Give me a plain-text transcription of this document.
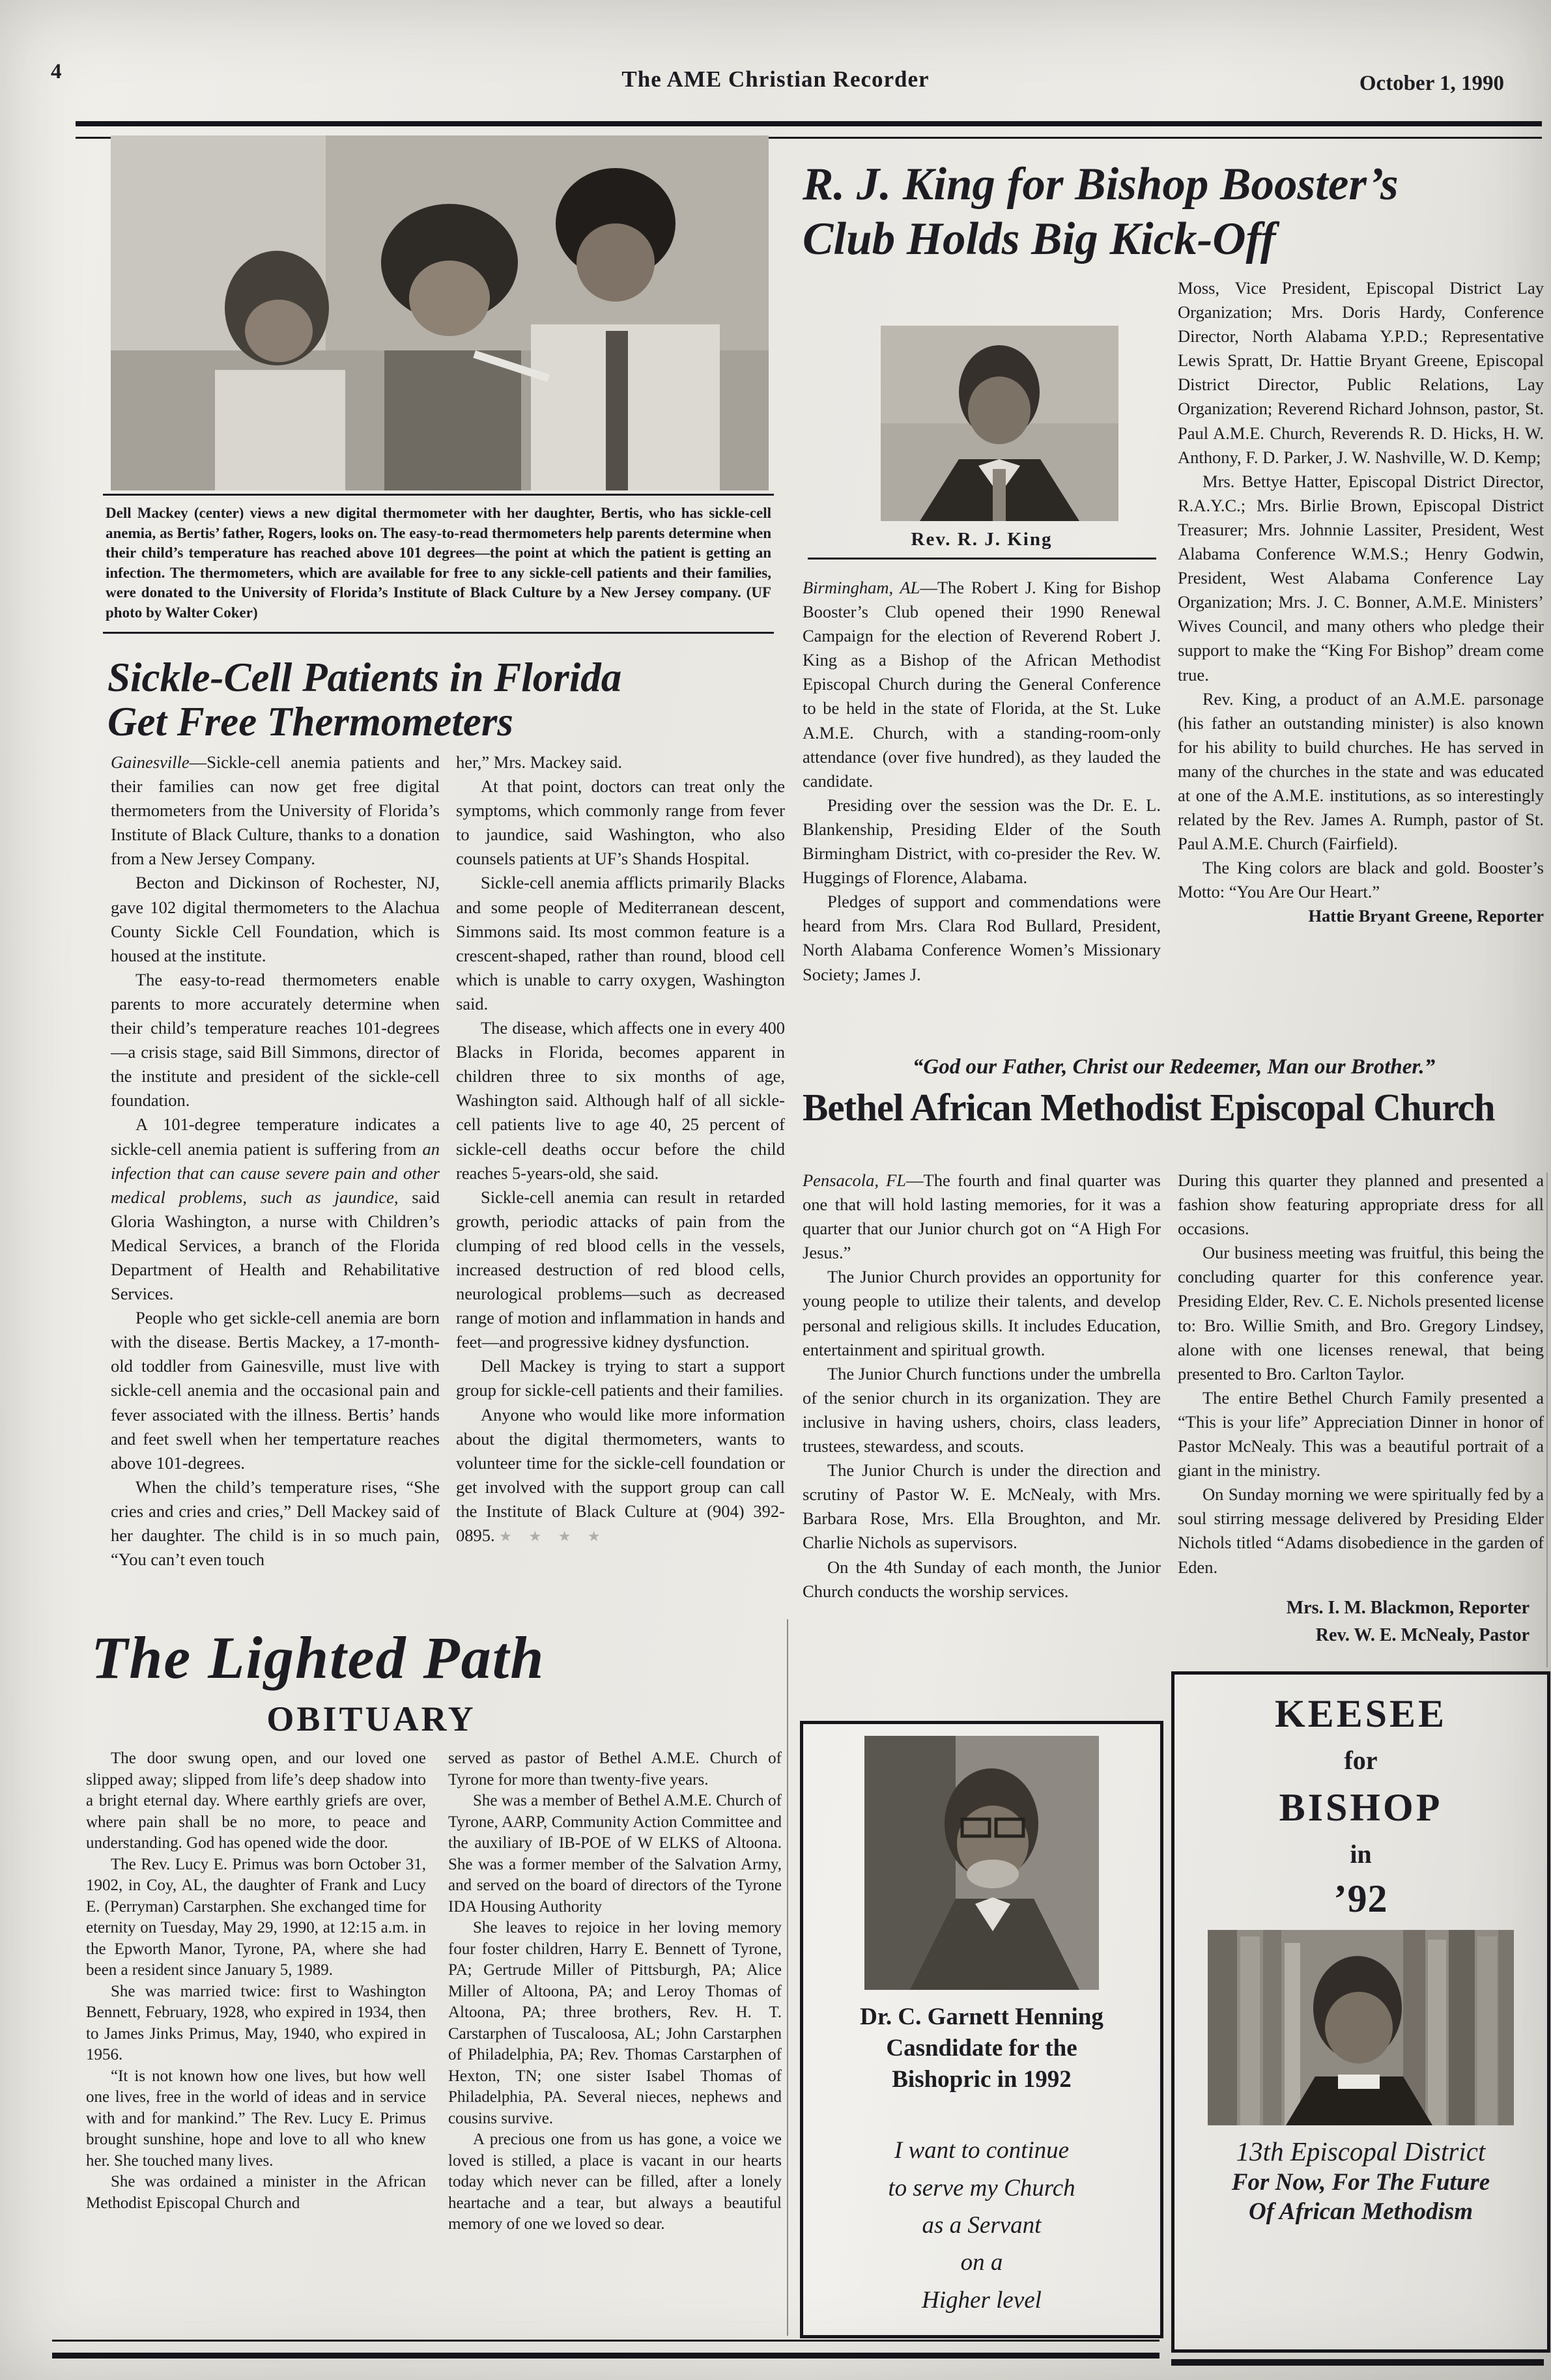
4	The AME Christian Recorder	October 1, 1990
Dell Mackey (center) views a new digital thermometer with her daughter, Bertis, who has sickle-cell anemia, as Bertis’ father, Rogers, looks on. The easy-to-read thermometers help parents determine when their child’s temperature has reached above 101 degrees—the point at which the patient is getting an infection. The thermometers, which are available for free to any sickle-cell patients and their families, were donated to the University of Florida’s Institute of Black Culture by a New Jersey company. (UF photo by Walter Coker)
Sickle-Cell Patients in Florida
Get Free Thermometers

Gainesville—Sickle-cell anemia patients and their families can now get free digital thermometers from the University of Florida’s Institute of Black Culture, thanks to a donation from a New Jersey Company.

Becton and Dickinson of Rochester, NJ, gave 102 digital thermometers to the Alachua County Sickle Cell Foundation, which is housed at the institute.

The easy-to-read thermometers enable parents to more accurately determine when their child’s temperature reaches 101-degrees—a crisis stage, said Bill Simmons, director of the institute and president of the sickle-cell foundation.

A 101-degree temperature indicates a sickle-cell anemia patient is suffering from an infection that can cause severe pain and other medical problems, such as jaundice, said Gloria Washington, a nurse with Children’s Medical Services, a branch of the Florida Department of Health and Rehabilitative Services.

People who get sickle-cell anemia are born with the disease. Bertis Mackey, a 17-month-old toddler from Gainesville, must live with sickle-cell anemia and the occasional pain and fever associated with the illness. Bertis’ hands and feet swell when her tempertature reaches above 101-degrees.

When the child’s temperature rises, “She cries and cries and cries,” Dell Mackey said of her daughter. The child is in so much pain, “You can’t even touch

her,” Mrs. Mackey said.

At that point, doctors can treat only the symptoms, which commonly range from fever to jaundice, said Washington, who also counsels patients at UF’s Shands Hospital.

Sickle-cell anemia afflicts primarily Blacks and some people of Mediterranean descent, Simmons said. Its most common feature is a crescent-shaped, rather than round, blood cell which is unable to carry oxygen, Washington said.

The disease, which affects one in every 400 Blacks in Florida, becomes apparent in children three to six months of age, Washington said. Although half of all sickle-cell patients live to age 40, 25 percent of sickle-cell deaths occur before the child reaches 5-years-old, she said.

Sickle-cell anemia can result in retarded growth, periodic attacks of pain from the clumping of red blood cells in the vessels, increased destruction of red blood cells, neurological problems—such as decreased range of motion and inflammation in hands and feet—and progressive kidney dysfunction.

Dell Mackey is trying to start a support group for sickle-cell patients and their families.

Anyone who would like more information about the digital thermometers, wants to volunteer time for the sickle-cell foundation or get involved with the support group can call the Institute of Black Culture at (904) 392-0895. ★ ★ ★ ★

The Lighted Path
OBITUARY

The door swung open, and our loved one slipped away; slipped from life’s deep shadow into a bright eternal day. Where earthly griefs are over, where pain shall be no more, to peace and understanding. God has opened wide the door.

The Rev. Lucy E. Primus was born October 31, 1902, in Coy, AL, the daughter of Frank and Lucy E. (Perryman) Carstarphen. She exchanged time for eternity on Tuesday, May 29, 1990, at 12:15 a.m. in the Epworth Manor, Tyrone, PA, where she had been a resident since January 5, 1989.

She was married twice: first to Washington Bennett, February, 1928, who expired in 1934, then to James Jinks Primus, May, 1940, who expired in 1956.

“It is not known how one lives, but how well one lives, free in the world of ideas and in service with and for mankind.” The Rev. Lucy E. Primus brought sunshine, hope and love to all who knew her. She touched many lives.

She was ordained a minister in the African Methodist Episcopal Church and

served as pastor of Bethel A.M.E. Church of Tyrone for more than twenty-five years.

She was a member of Bethel A.M.E. Church of Tyrone, AARP, Community Action Committee and the auxiliary of IB-POE of W ELKS of Altoona. She was a former member of the Salvation Army, and served on the board of directors of the Tyrone IDA Housing Authority

She leaves to rejoice in her loving memory four foster children, Harry E. Bennett of Tyrone, PA; Gertrude Miller of Pittsburgh, PA; Alice Miller of Altoona, PA; and Leroy Thomas of Altoona, PA; three brothers, Rev. H. T. Carstarphen of Tuscaloosa, AL; John Carstarphen of Philadelphia, PA; Rev. Thomas Carstarphen of Hexton, TN; one sister Isabel Thomas of Philadelphia, PA. Several nieces, nephews and cousins survive.

A precious one from us has gone, a voice we loved is stilled, a place is vacant in our hearts today which never can be filled, after a lonely heartache and a tear, but always a beautiful memory of one we loved so dear.

R. J. King for Bishop Booster’s
Club Holds Big Kick-Off
Rev. R. J. King

Birmingham, AL—The Robert J. King for Bishop Booster’s Club opened their 1990 Renewal Campaign for the election of Reverend Robert J. King as a Bishop of the African Methodist Episcopal Church during the General Conference to be held in the state of Florida, at the St. Luke A.M.E. Church, with a standing-room-only attendance (over five hundred), as they lauded the candidate.

Presiding over the session was the Dr. E. L. Blankenship, Presiding Elder of the South Birmingham District, with co-presider the Rev. W. Huggings of Florence, Alabama.

Pledges of support and commendations were heard from Mrs. Clara Rod Bullard, President, North Alabama Conference Women’s Missionary Society; James J.

Moss, Vice President, Episcopal District Lay Organization; Mrs. Doris Hardy, Conference Director, North Alabama Y.P.D.; Representative Lewis Spratt, Dr. Hattie Bryant Greene, Episcopal District Director, Public Relations, Lay Organization; Reverend Richard Johnson, pastor, St. Paul A.M.E. Church, Reverends R. D. Hicks, H. W. Anthony, F. D. Parker, J. W. Nashville, W. D. Kemp;

Mrs. Bettye Hatter, Episcopal District Director, R.A.Y.C.; Mrs. Birlie Brown, Episcopal District Treasurer; Mrs. Johnnie Lassiter, President, West Alabama Conference W.M.S.; Henry Godwin, President, West Alabama Conference Lay Organization; Mrs. J. C. Bonner, A.M.E. Ministers’ Wives Council, and many others who pledge their support to make the “King For Bishop” dream come true.

Rev. King, a product of an A.M.E. parsonage (his father an outstanding minister) is also known for his ability to build churches. He has served in many of the churches in the state and was educated at one of the A.M.E. institutions, as so interestingly related by the Rev. James A. Rumph, pastor of St. Paul A.M.E. Church (Fairfield).

The King colors are black and gold. Booster’s Motto: “You Are Our Heart.”

Hattie Bryant Greene, Reporter

“God our Father, Christ our Redeemer, Man our Brother.”
Bethel African Methodist Episcopal Church

Pensacola, FL—The fourth and final quarter was one that will hold lasting memories, for it was a quarter that our Junior church got on “A High For Jesus.”

The Junior Church provides an opportunity for young people to utilize their talents, and develop personal and religious skills. It includes Education, entertainment and spiritual growth.

The Junior Church functions under the umbrella of the senior church in its organization. They are inclusive in having ushers, choirs, class leaders, trustees, stewardess, and scouts.

The Junior Church is under the direction and scrutiny of Pastor W. E. McNealy, with Mrs. Barbara Rose, Mrs. Ella Broughton, and Mr. Charlie Nichols as supervisors.

On the 4th Sunday of each month, the Junior Church conducts the worship services.

During this quarter they planned and presented a fashion show featuring appropriate dress for all occasions.

Our business meeting was fruitful, this being the concluding quarter for this conference year. Presiding Elder, Rev. C. E. Nichols presented license to: Bro. Willie Smith, and Bro. Gregory Lindsey, alone with one licenses renewal, that being presented to Bro. Carlton Taylor.

The entire Bethel Church Family presented a “This is your life” Appreciation Dinner in honor of Pastor McNealy. This was a beautiful portrait of a giant in the ministry.

On Sunday morning we were spiritually fed by a soul stirring message delivered by Presiding Elder Nichols titled “Adams disobedience in the garden of Eden.

Mrs. I. M. Blackmon, Reporter
Rev. W. E. McNealy, Pastor
Dr. C. Garnett Henning
Casndidate for the
Bishopric in 1992
I want to continue
to serve my Church
as a Servant
on a
Higher level
KEESEE
for
BISHOP
in
’92
13th Episcopal District
For Now, For The Future
Of African Methodism
